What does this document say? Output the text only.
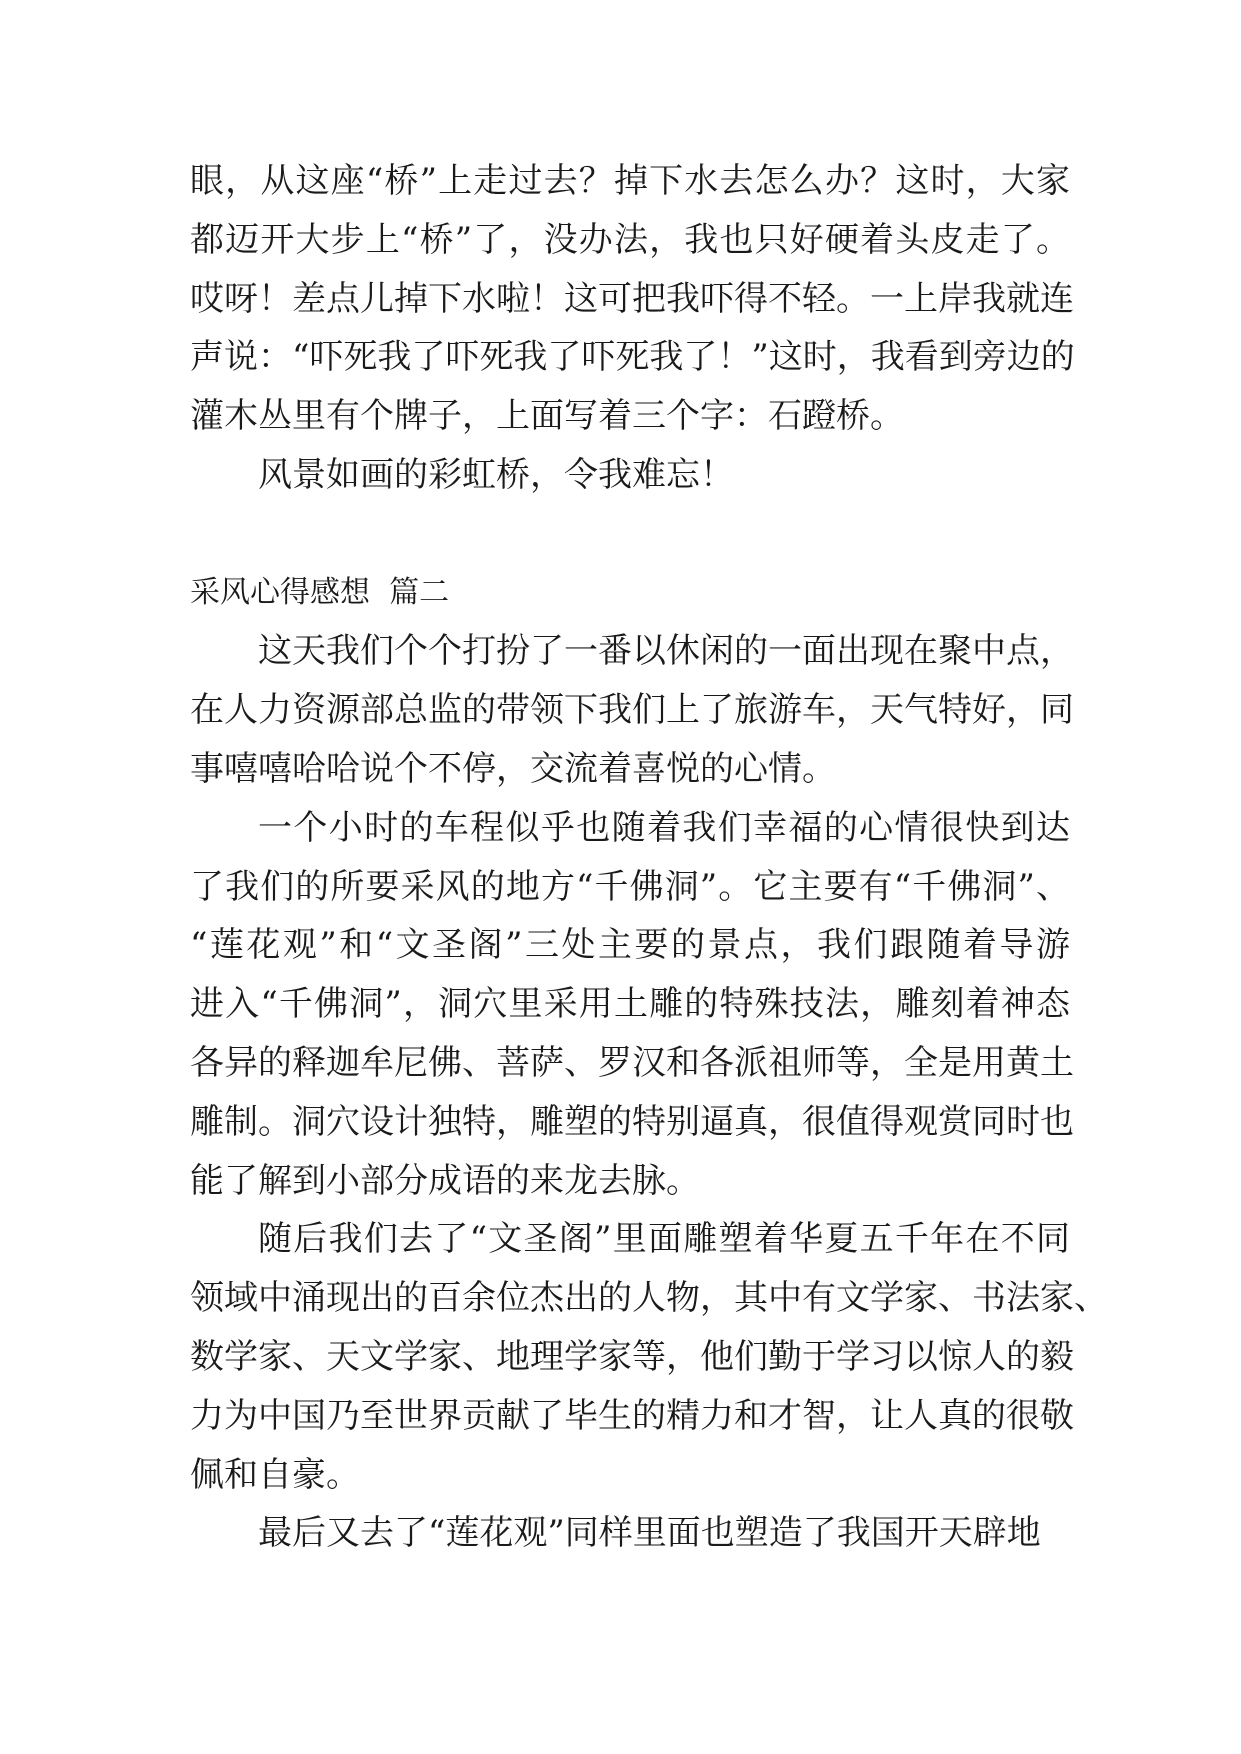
眼，从这座“桥”上走过去？掉下水去怎么办？这时，大家
都迈开大步上“桥”了，没办法，我也只好硬着头皮走了。
哎呀！差点儿掉下水啦！这可把我吓得不轻。一上岸我就连
声说：“吓死我了吓死我了吓死我了！”这时，我看到旁边的
灌木丛里有个牌子，上面写着三个字：石蹬桥。
风景如画的彩虹桥，令我难忘！
采风心得感想  篇二
这天我们个个打扮了一番以休闲的一面出现在聚中点，
在人力资源部总监的带领下我们上了旅游车，天气特好，同
事嘻嘻哈哈说个不停，交流着喜悦的心情。
一个小时的车程似乎也随着我们幸福的心情很快到达
了我们的所要采风的地方“千佛洞”。它主要有“千佛洞”、
“莲花观”和“文圣阁”三处主要的景点，我们跟随着导游
进入“千佛洞”，洞穴里采用土雕的特殊技法，雕刻着神态
各异的释迦牟尼佛、菩萨、罗汉和各派祖师等，全是用黄土
雕制。洞穴设计独特，雕塑的特别逼真，很值得观赏同时也
能了解到小部分成语的来龙去脉。
随后我们去了“文圣阁”里面雕塑着华夏五千年在不同
领域中涌现出的百余位杰出的人物，其中有文学家、书法家、
数学家、天文学家、地理学家等，他们勤于学习以惊人的毅
力为中国乃至世界贡献了毕生的精力和才智，让人真的很敬
佩和自豪。
最后又去了“莲花观”同样里面也塑造了我国开天辟地
